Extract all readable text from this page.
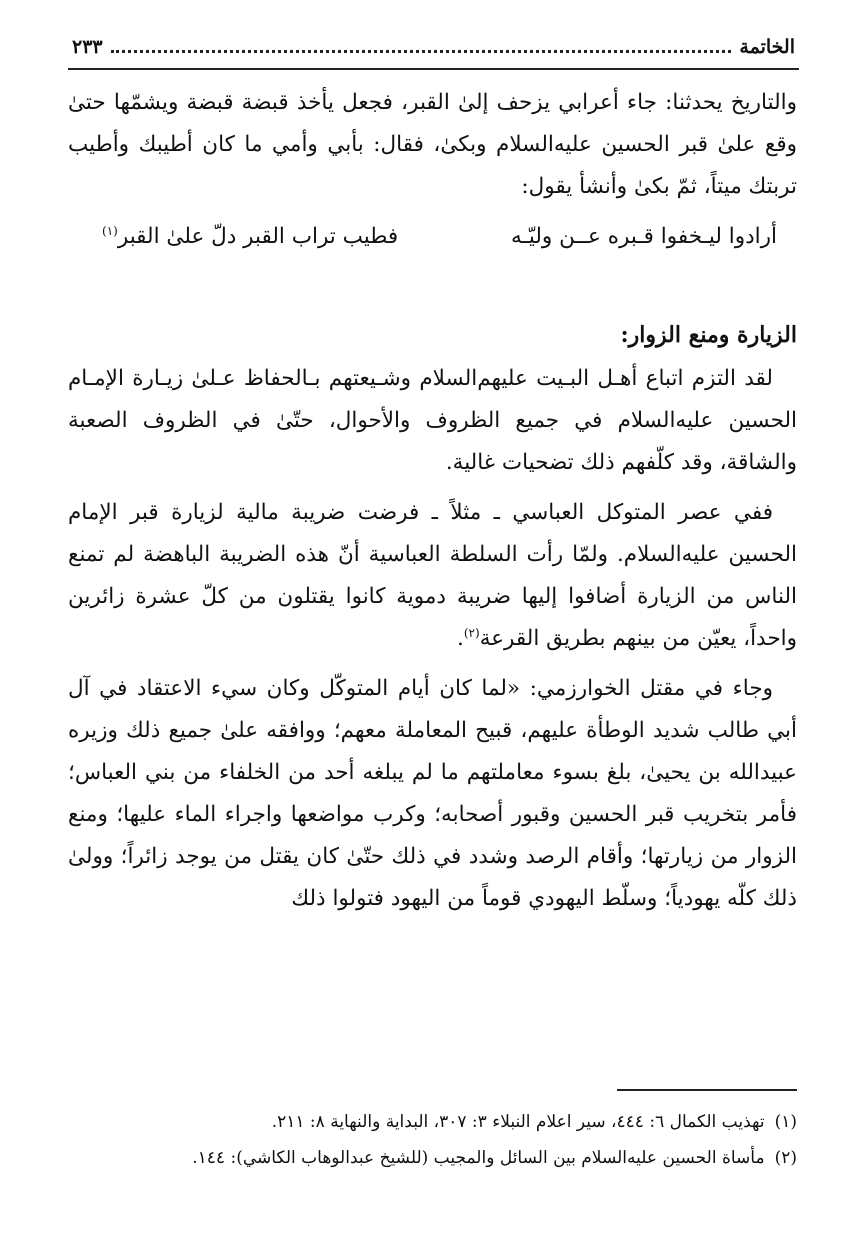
الخاتمة
٢٣٣

والتاريخ يحدثنا: جاء أعرابي يزحف إلىٰ القبر، فجعل يأخذ قبضة قبضة ويشمّها حتىٰ وقع علىٰ قبر الحسين عليه‌السلام وبكىٰ، فقال: بأبي وأمي ما كان أطيبك وأطيب تربتك ميتاً، ثمّ بكىٰ وأنشأ يقول:

أرادوا ليـخفوا قـبره عــن وليّـه
فطيب تراب القبر دلّ علىٰ القبر$^{(١)}$
الزيارة ومنع الزوار:

لقد التزم اتباع أهـل البـيت عليهم‌السلام وشـيعتهم بـالحفاظ عـلىٰ زيـارة الإمـام الحسين عليه‌السلام في جميع الظروف والأحوال، حتّىٰ في الظروف الصعبة والشاقة، وقد كلّفهم ذلك تضحيات غالية.

ففي عصر المتوكل العباسي ـ مثلاً ـ فرضت ضريبة مالية لزيارة قبر الإمام الحسين عليه‌السلام. ولمّا رأت السلطة العباسية أنّ هذه الضريبة الباهضة لم تمنع الناس من الزيارة أضافوا إليها ضريبة دموية كانوا يقتلون من كلّ عشرة زائرين واحداً، يعيّن من بينهم بطريق القرعة$^{(٢)}$.

وجاء في مقتل الخوارزمي: «لما كان أيام المتوكّل وكان سيء الاعتقاد في آل أبي طالب شديد الوطأة عليهم، قبيح المعاملة معهم؛ ووافقه علىٰ جميع ذلك وزيره عبيدالله بن يحيىٰ، بلغ بسوء معاملتهم ما لم يبلغه أحد من الخلفاء من بني العباس؛ فأمر بتخريب قبر الحسين وقبور أصحابه؛ وكرب مواضعها واجراء الماء عليها؛ ومنع الزوار من زيارتها؛ وأقام الرصد وشدد في ذلك حتّىٰ كان يقتل من يوجد زائراً؛ وولىٰ ذلك كلّه يهودياً؛ وسلّط اليهودي قوماً من اليهود فتولوا ذلك

(١)تهذيب الكمال ٦: ٤٤٤، سير اعلام النبلاء ٣: ٣٠٧، البداية والنهاية ٨: ٢١١.
(٢)مأساة الحسين عليه‌السلام بين السائل والمجيب (للشيخ عبدالوهاب الكاشي): ١٤٤.
